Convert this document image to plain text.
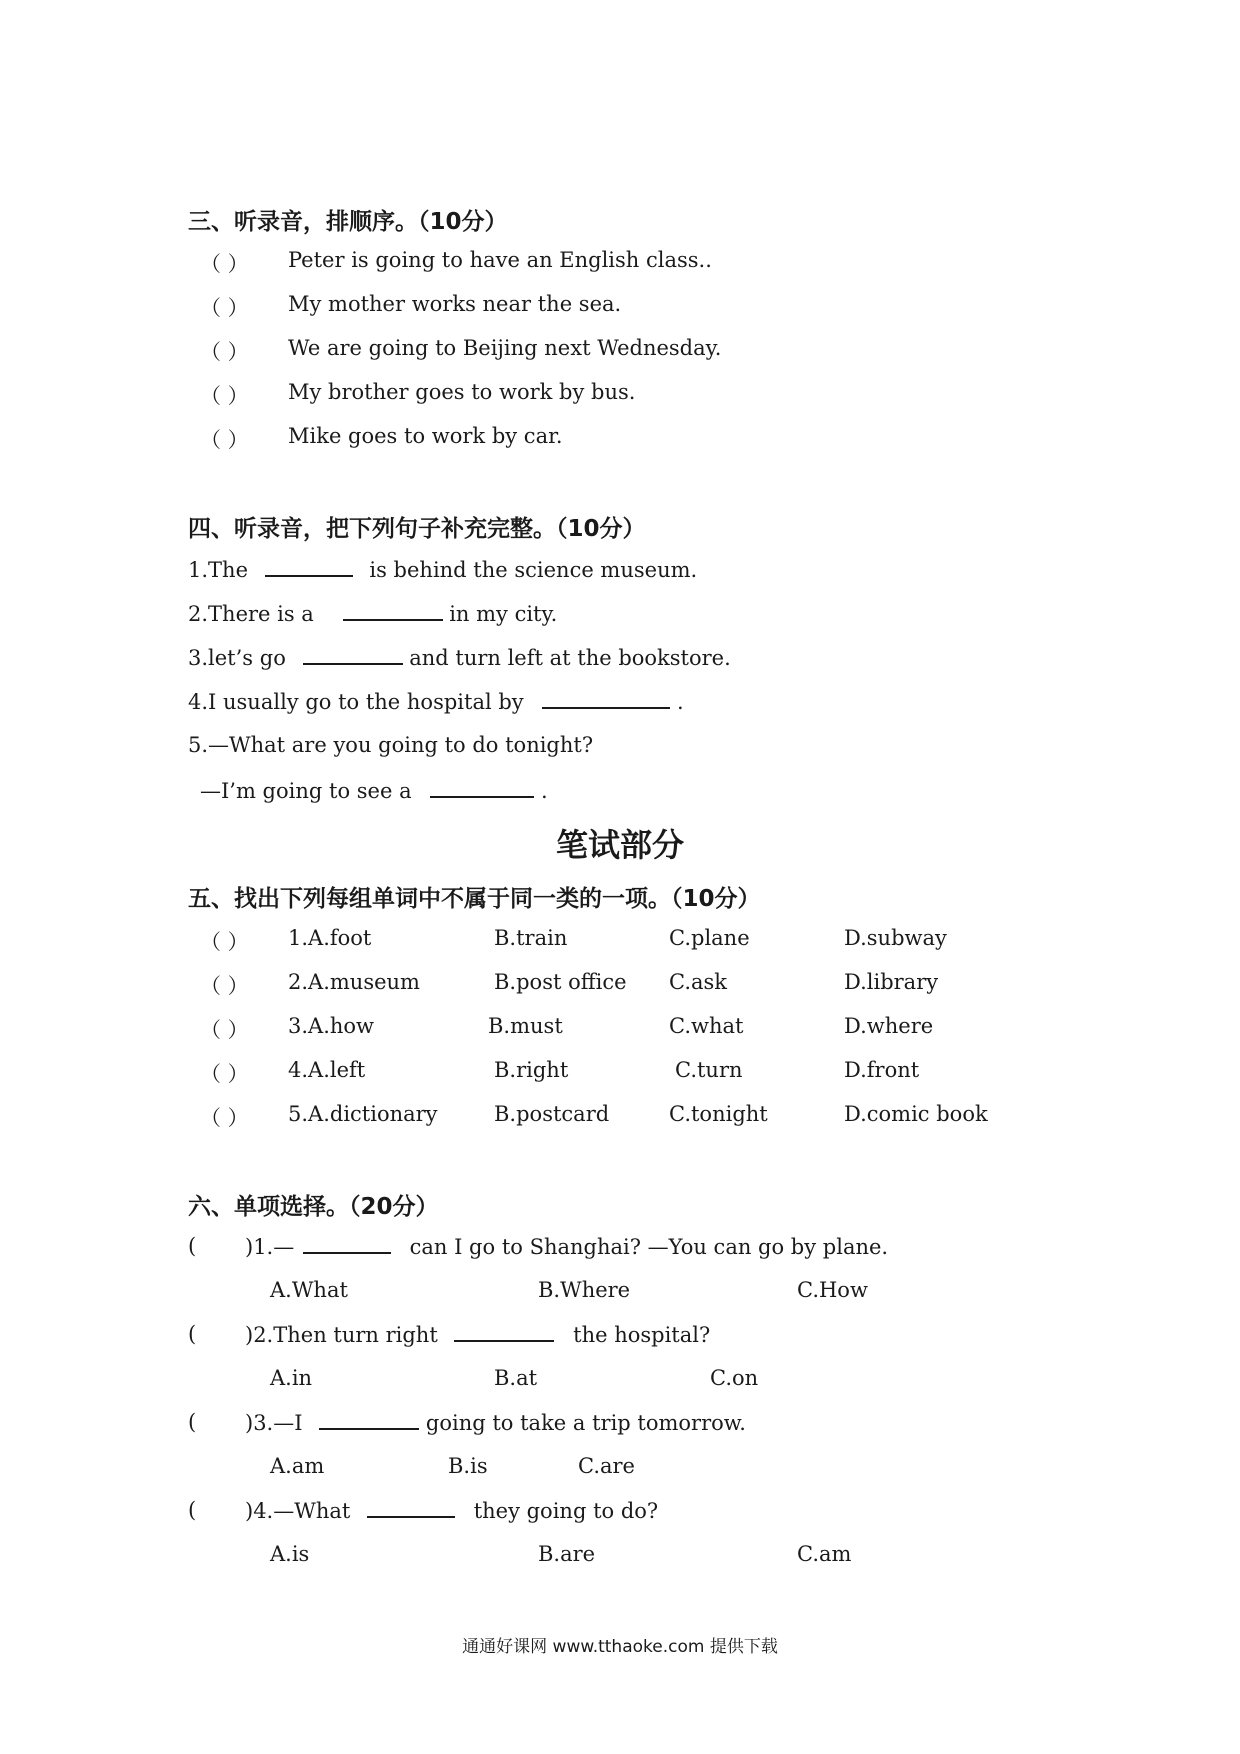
三、听录音，排顺序。（10分）
（ ） Peter is going to have an English class..
（ ） My mother works near the sea.
（ ） We are going to Beijing next Wednesday.
（ ） My brother goes to work by bus.
（ ） Mike goes to work by car.
四、听录音，把下列句子补充完整。（10分）
1.The	is behind the science museum.
2.There is a	in my city.
3.let’s go	and turn left at the bookstore.
4.I usually go to the hospital by	.
5.—What are you going to do tonight?
—I’m going to see a	.
笔试部分
五、找出下列每组单词中不属于同一类的一项。（10分）
（ ） 1.A.foot	B.train	C.plane	D.subway
（ ） 2.A.museum	B.post office C.ask	D.library
（ ） 3.A.how	B.must	C.what	D.where
（ ） 4.A.left	B.right	C.turn	D.front
（ ） 5.A.dictionary	B.postcard	C.tonight	D.comic book
六、单项选择。（20分）
( )1.—	can I go to Shanghai? —You can go by plane.
A.What	B.Where	C.How
( )2.Then turn right	the hospital?
A.in	B.at	C.on
( )3.—I	going to take a trip tomorrow.
A.am	B.is	C.are
( )4.—What	they going to do?
A.is	B.are	C.am
通通好课网 www.tthaoke.com 提供下载
